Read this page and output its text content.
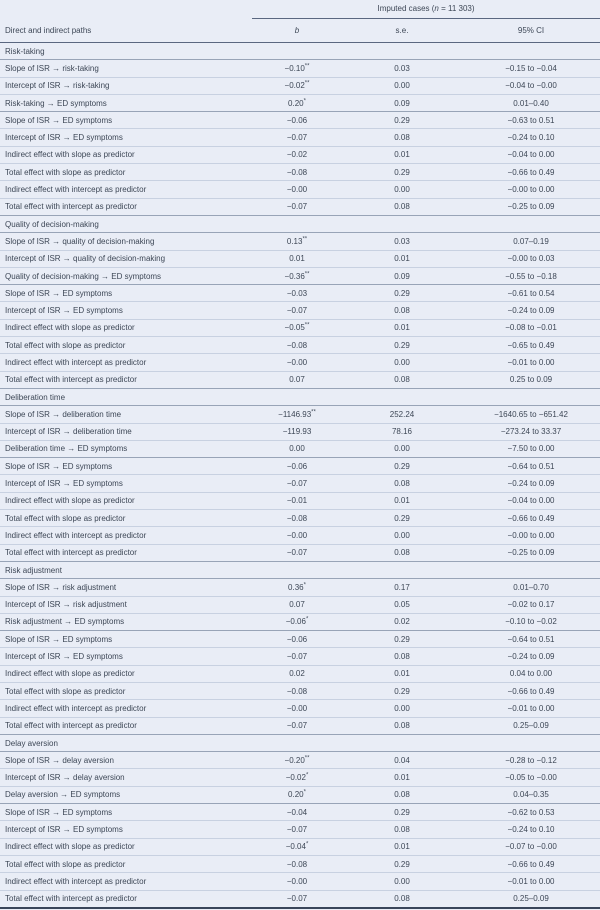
	Imputed cases (n = 11 303)		
Direct and indirect paths	b	s.e.	95% CI
Risk-taking			
Slope of ISR → risk-taking	−0.10**	0.03	−0.15 to −0.04
Intercept of ISR → risk-taking	−0.02**	0.00	−0.04 to −0.00
Risk-taking → ED symptoms	0.20*	0.09	0.01–0.40
Slope of ISR → ED symptoms	−0.06	0.29	−0.63 to 0.51
Intercept of ISR → ED symptoms	−0.07	0.08	−0.24 to 0.10
Indirect effect with slope as predictor	−0.02	0.01	−0.04 to 0.00
Total effect with slope as predictor	−0.08	0.29	−0.66 to 0.49
Indirect effect with intercept as predictor	−0.00	0.00	−0.00 to 0.00
Total effect with intercept as predictor	−0.07	0.08	−0.25 to 0.09
Quality of decision-making			
Slope of ISR → quality of decision-making	0.13**	0.03	0.07–0.19
Intercept of ISR → quality of decision-making	0.01	0.01	−0.00 to 0.03
Quality of decision-making → ED symptoms	−0.36**	0.09	−0.55 to −0.18
Slope of ISR → ED symptoms	−0.03	0.29	−0.61 to 0.54
Intercept of ISR → ED symptoms	−0.07	0.08	−0.24 to 0.09
Indirect effect with slope as predictor	−0.05**	0.01	−0.08 to −0.01
Total effect with slope as predictor	−0.08	0.29	−0.65 to 0.49
Indirect effect with intercept as predictor	−0.00	0.00	−0.01 to 0.00
Total effect with intercept as predictor	0.07	0.08	0.25 to 0.09
Deliberation time			
Slope of ISR → deliberation time	−1146.93**	252.24	−1640.65 to −651.42
Intercept of ISR → deliberation time	−119.93	78.16	−273.24 to 33.37
Deliberation time → ED symptoms	0.00	0.00	−7.50 to 0.00
Slope of ISR → ED symptoms	−0.06	0.29	−0.64 to 0.51
Intercept of ISR → ED symptoms	−0.07	0.08	−0.24 to 0.09
Indirect effect with slope as predictor	−0.01	0.01	−0.04 to 0.00
Total effect with slope as predictor	−0.08	0.29	−0.66 to 0.49
Indirect effect with intercept as predictor	−0.00	0.00	−0.00 to 0.00
Total effect with intercept as predictor	−0.07	0.08	−0.25 to 0.09
Risk adjustment			
Slope of ISR → risk adjustment	0.36*	0.17	0.01–0.70
Intercept of ISR → risk adjustment	0.07	0.05	−0.02 to 0.17
Risk adjustment → ED symptoms	−0.06*	0.02	−0.10 to −0.02
Slope of ISR → ED symptoms	−0.06	0.29	−0.64 to 0.51
Intercept of ISR → ED symptoms	−0.07	0.08	−0.24 to 0.09
Indirect effect with slope as predictor	0.02	0.01	0.04 to 0.00
Total effect with slope as predictor	−0.08	0.29	−0.66 to 0.49
Indirect effect with intercept as predictor	−0.00	0.00	−0.01 to 0.00
Total effect with intercept as predictor	−0.07	0.08	0.25–0.09
Delay aversion			
Slope of ISR → delay aversion	−0.20**	0.04	−0.28 to −0.12
Intercept of ISR → delay aversion	−0.02*	0.01	−0.05 to −0.00
Delay aversion → ED symptoms	0.20*	0.08	0.04–0.35
Slope of ISR → ED symptoms	−0.04	0.29	−0.62 to 0.53
Intercept of ISR → ED symptoms	−0.07	0.08	−0.24 to 0.10
Indirect effect with slope as predictor	−0.04*	0.01	−0.07 to −0.00
Total effect with slope as predictor	−0.08	0.29	−0.66 to 0.49
Indirect effect with intercept as predictor	−0.00	0.00	−0.01 to 0.00
Total effect with intercept as predictor	−0.07	0.08	0.25–0.09
